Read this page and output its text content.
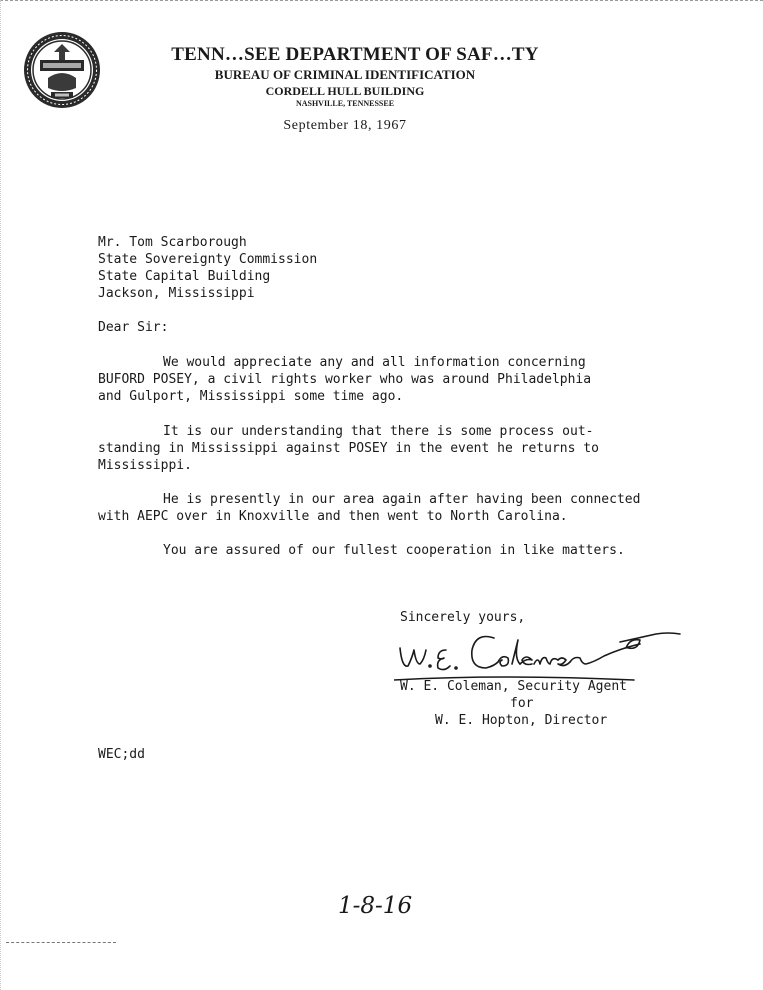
TENN…SEE DEPARTMENT OF SAF…TY
BUREAU OF CRIMINAL IDENTIFICATION
CORDELL HULL BUILDING
NASHVILLE, TENNESSEE
September 18, 1967
Mr. Tom Scarborough
State Sovereignty Commission
State Capital Building
Jackson, Mississippi
Dear Sir:
We would appreciate any and all information concerning
BUFORD POSEY, a civil rights worker who was around Philadelphia
and Gulport, Mississippi some time ago.
It is our understanding that there is some process out-
standing in Mississippi against POSEY in the event he returns to
Mississippi.
He is presently in our area again after having been connected
with AEPC over in Knoxville and then went to North Carolina.
You are assured of our fullest cooperation in like matters.
Sincerely yours,
W. E. Coleman, Security Agent
for
W. E. Hopton, Director
WEC;dd
1-8-16
